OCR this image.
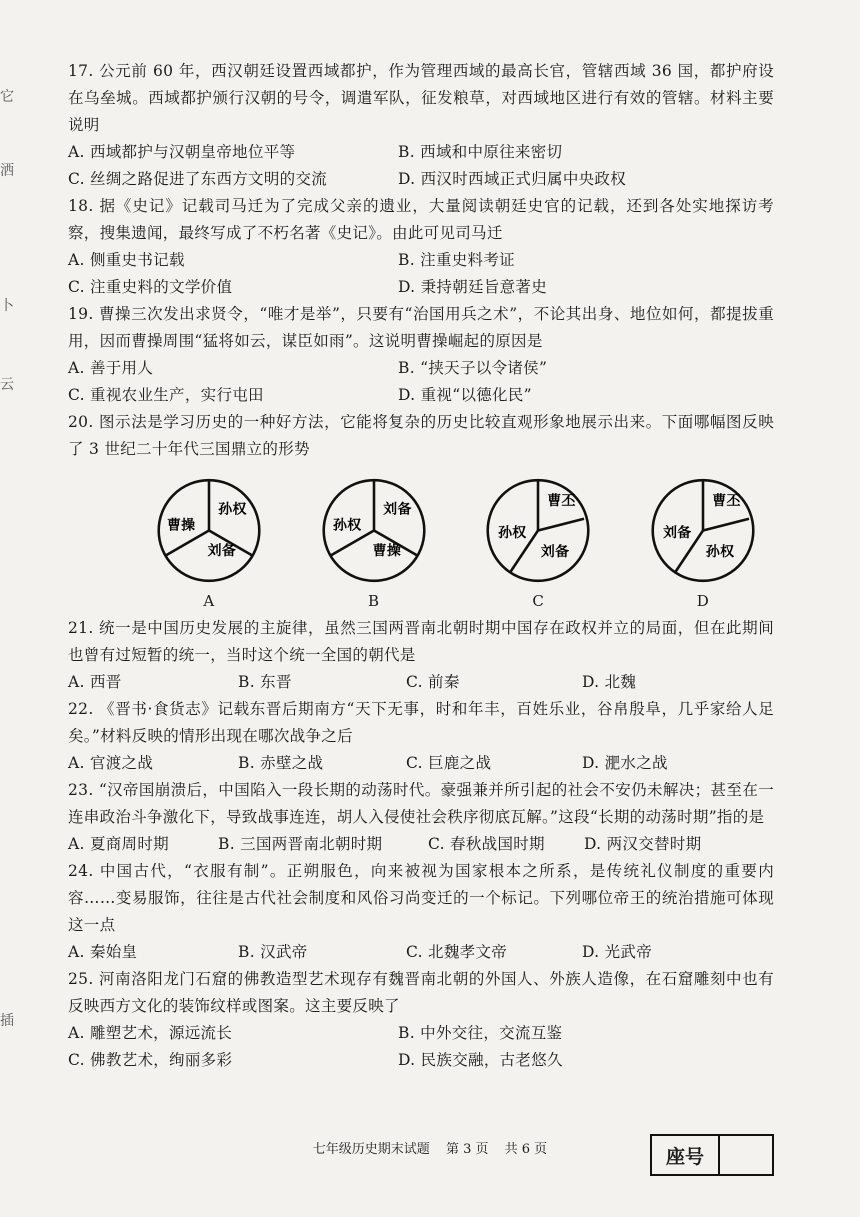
它
洒
卜
云
插
17. 公元前 60 年，西汉朝廷设置西域都护，作为管理西域的最高长官，管辖西域 36 国，都护府设在乌垒城。西域都护颁行汉朝的号令，调遣军队，征发粮草，对西域地区进行有效的管辖。材料主要说明
A. 西域都护与汉朝皇帝地位平等	B. 西域和中原往来密切
C. 丝绸之路促进了东西方文明的交流	D. 西汉时西域正式归属中央政权
18. 据《史记》记载司马迁为了完成父亲的遗业，大量阅读朝廷史官的记载，还到各处实地探访考察，搜集遗闻，最终写成了不朽名著《史记》。由此可见司马迁
A. 侧重史书记载	B. 注重史料考证
C. 注重史料的文学价值	D. 秉持朝廷旨意著史
19. 曹操三次发出求贤令，“唯才是举”，只要有“治国用兵之术”，不论其出身、地位如何，都提拔重用，因而曹操周围“猛将如云，谋臣如雨”。这说明曹操崛起的原因是
A. 善于用人	B. “挟天子以令诸侯”
C. 重视农业生产，实行屯田	D. 重视“以德化民”
20. 图示法是学习历史的一种好方法，它能将复杂的历史比较直观形象地展示出来。下面哪幅图反映了 3 世纪二十年代三国鼎立的形势
孙权
曹操
刘备
A
刘备
孙权
曹操
B
曹丕
孙权
刘备
C
曹丕
刘备
孙权
D
21. 统一是中国历史发展的主旋律，虽然三国两晋南北朝时期中国存在政权并立的局面，但在此期间也曾有过短暂的统一，当时这个统一全国的朝代是
A. 西晋	B. 东晋	C. 前秦	D. 北魏
22. 《晋书·食货志》记载东晋后期南方“天下无事，时和年丰，百姓乐业，谷帛殷阜，几乎家给人足矣。”材料反映的情形出现在哪次战争之后
A. 官渡之战	B. 赤壁之战	C. 巨鹿之战	D. 淝水之战
23. “汉帝国崩溃后，中国陷入一段长期的动荡时代。豪强兼并所引起的社会不安仍未解决；甚至在一连串政治斗争激化下，导致战事连连，胡人入侵使社会秩序彻底瓦解。”这段“长期的动荡时期”指的是
A. 夏商周时期	B. 三国两晋南北朝时期	C. 春秋战国时期	D. 两汉交替时期
24. 中国古代，“衣服有制”。正朔服色，向来被视为国家根本之所系，是传统礼仪制度的重要内容……变易服饰，往往是古代社会制度和风俗习尚变迁的一个标记。下列哪位帝王的统治措施可体现这一点
A. 秦始皇	B. 汉武帝	C. 北魏孝文帝	D. 光武帝
25. 河南洛阳龙门石窟的佛教造型艺术现存有魏晋南北朝的外国人、外族人造像，在石窟雕刻中也有反映西方文化的装饰纹样或图案。这主要反映了
A. 雕塑艺术，源远流长	B. 中外交往，交流互鉴
C. 佛教艺术，绚丽多彩	D. 民族交融，古老悠久
七年级历史期末试题 第 3 页 共 6 页	座号
